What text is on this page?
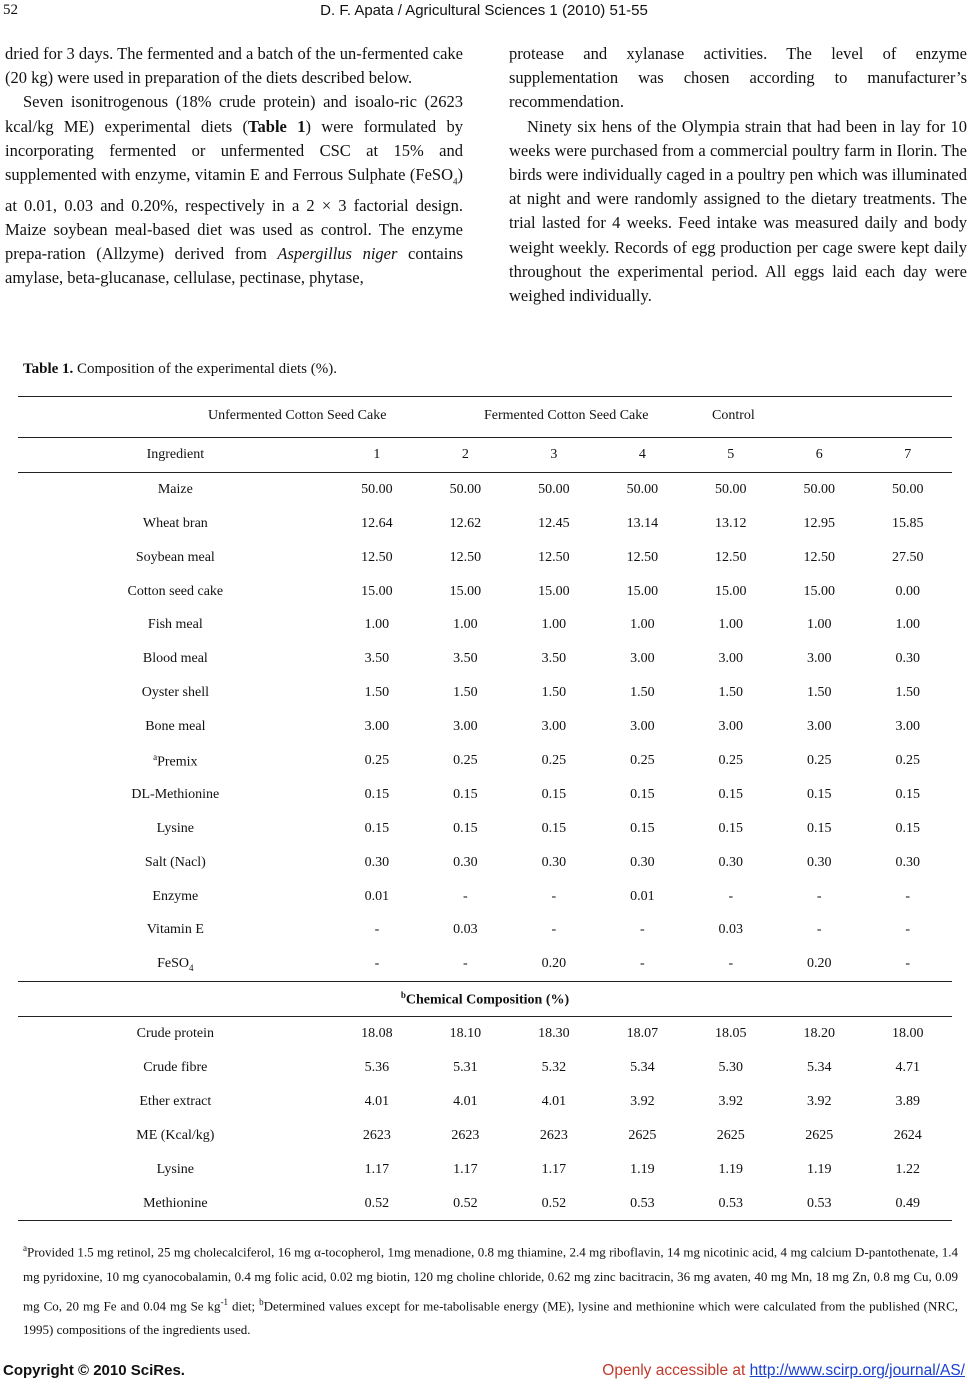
52	D. F. Apata / Agricultural Sciences 1 (2010) 51-55

dried for 3 days. The fermented and a batch of the un-fermented cake (20 kg) were used in preparation of the diets described below.

Seven isonitrogenous (18% crude protein) and isoalo-ric (2623 kcal/kg ME) experimental diets (Table 1) were formulated by incorporating fermented or unfermented CSC at 15% and supplemented with enzyme, vitamin E and Ferrous Sulphate (FeSO$_4$) at 0.01, 0.03 and 0.20%, respectively in a 2 × 3 factorial design. Maize soybean meal-based diet was used as control. The enzyme prepa-ration (Allzyme) derived from Aspergillus niger contains amylase, beta-glucanase, cellulase, pectinase, phytase,

protease and xylanase activities. The level of enzyme supplementation was chosen according to manufacturer’s recommendation.

Ninety six hens of the Olympia strain that had been in lay for 10 weeks were purchased from a commercial poultry farm in Ilorin. The birds were individually caged in a poultry pen which was illuminated at night and were randomly assigned to the dietary treatments. The trial lasted for 4 weeks. Feed intake was measured daily and body weight weekly. Records of egg production per cage swere kept daily throughout the experimental period. All eggs laid each day were weighed individually.

Table 1. Composition of the experimental diets (%).
Unfermented Cotton Seed Cake Fermented Cotton Seed Cake Control							

Ingredient	1	2	3	4	5	6	7
Maize	50.00	50.00	50.00	50.00	50.00	50.00	50.00
Wheat bran	12.64	12.62	12.45	13.14	13.12	12.95	15.85
Soybean meal	12.50	12.50	12.50	12.50	12.50	12.50	27.50
Cotton seed cake	15.00	15.00	15.00	15.00	15.00	15.00	0.00
Fish meal	1.00	1.00	1.00	1.00	1.00	1.00	1.00
Blood meal	3.50	3.50	3.50	3.00	3.00	3.00	0.30
Oyster shell	1.50	1.50	1.50	1.50	1.50	1.50	1.50
Bone meal	3.00	3.00	3.00	3.00	3.00	3.00	3.00
$^a$Premix	0.25	0.25	0.25	0.25	0.25	0.25	0.25
DL-Methionine	0.15	0.15	0.15	0.15	0.15	0.15	0.15
Lysine	0.15	0.15	0.15	0.15	0.15	0.15	0.15
Salt (Nacl)	0.30	0.30	0.30	0.30	0.30	0.30	0.30
Enzyme	0.01	-	-	0.01	-	-	-
Vitamin E	-	0.03	-	-	0.03	-	-
FeSO$_4$	-	-	0.20	-	-	0.20	-
$^b$Chemical Composition (%)							
Crude protein	18.08	18.10	18.30	18.07	18.05	18.20	18.00
Crude fibre	5.36	5.31	5.32	5.34	5.30	5.34	4.71
Ether extract	4.01	4.01	4.01	3.92	3.92	3.92	3.89
ME (Kcal/kg)	2623	2623	2623	2625	2625	2625	2624
Lysine	1.17	1.17	1.17	1.19	1.19	1.19	1.22
Methionine	0.52	0.52	0.52	0.53	0.53	0.53	0.49
$^a$Provided 1.5 mg retinol, 25 mg cholecalciferol, 16 mg α-tocopherol, 1mg menadione, 0.8 mg thiamine, 2.4 mg riboflavin, 14 mg nicotinic acid, 4 mg calcium D-pantothenate, 1.4 mg pyridoxine, 10 mg cyanocobalamin, 0.4 mg folic acid, 0.02 mg biotin, 120 mg choline chloride, 0.62 mg zinc bacitracin, 36 mg avaten, 40 mg Mn, 18 mg Zn, 0.8 mg Cu, 0.09 mg Co, 20 mg Fe and 0.04 mg Se $kg^{-1}$ diet; $^b$Determined values except for me-tabolisable energy (ME), lysine and methionine which were calculated from the published (NRC, 1995) compositions of the ingredients used.
Copyright © 2010 SciRes.	Openly accessible at http://www.scirp.org/journal/AS/
